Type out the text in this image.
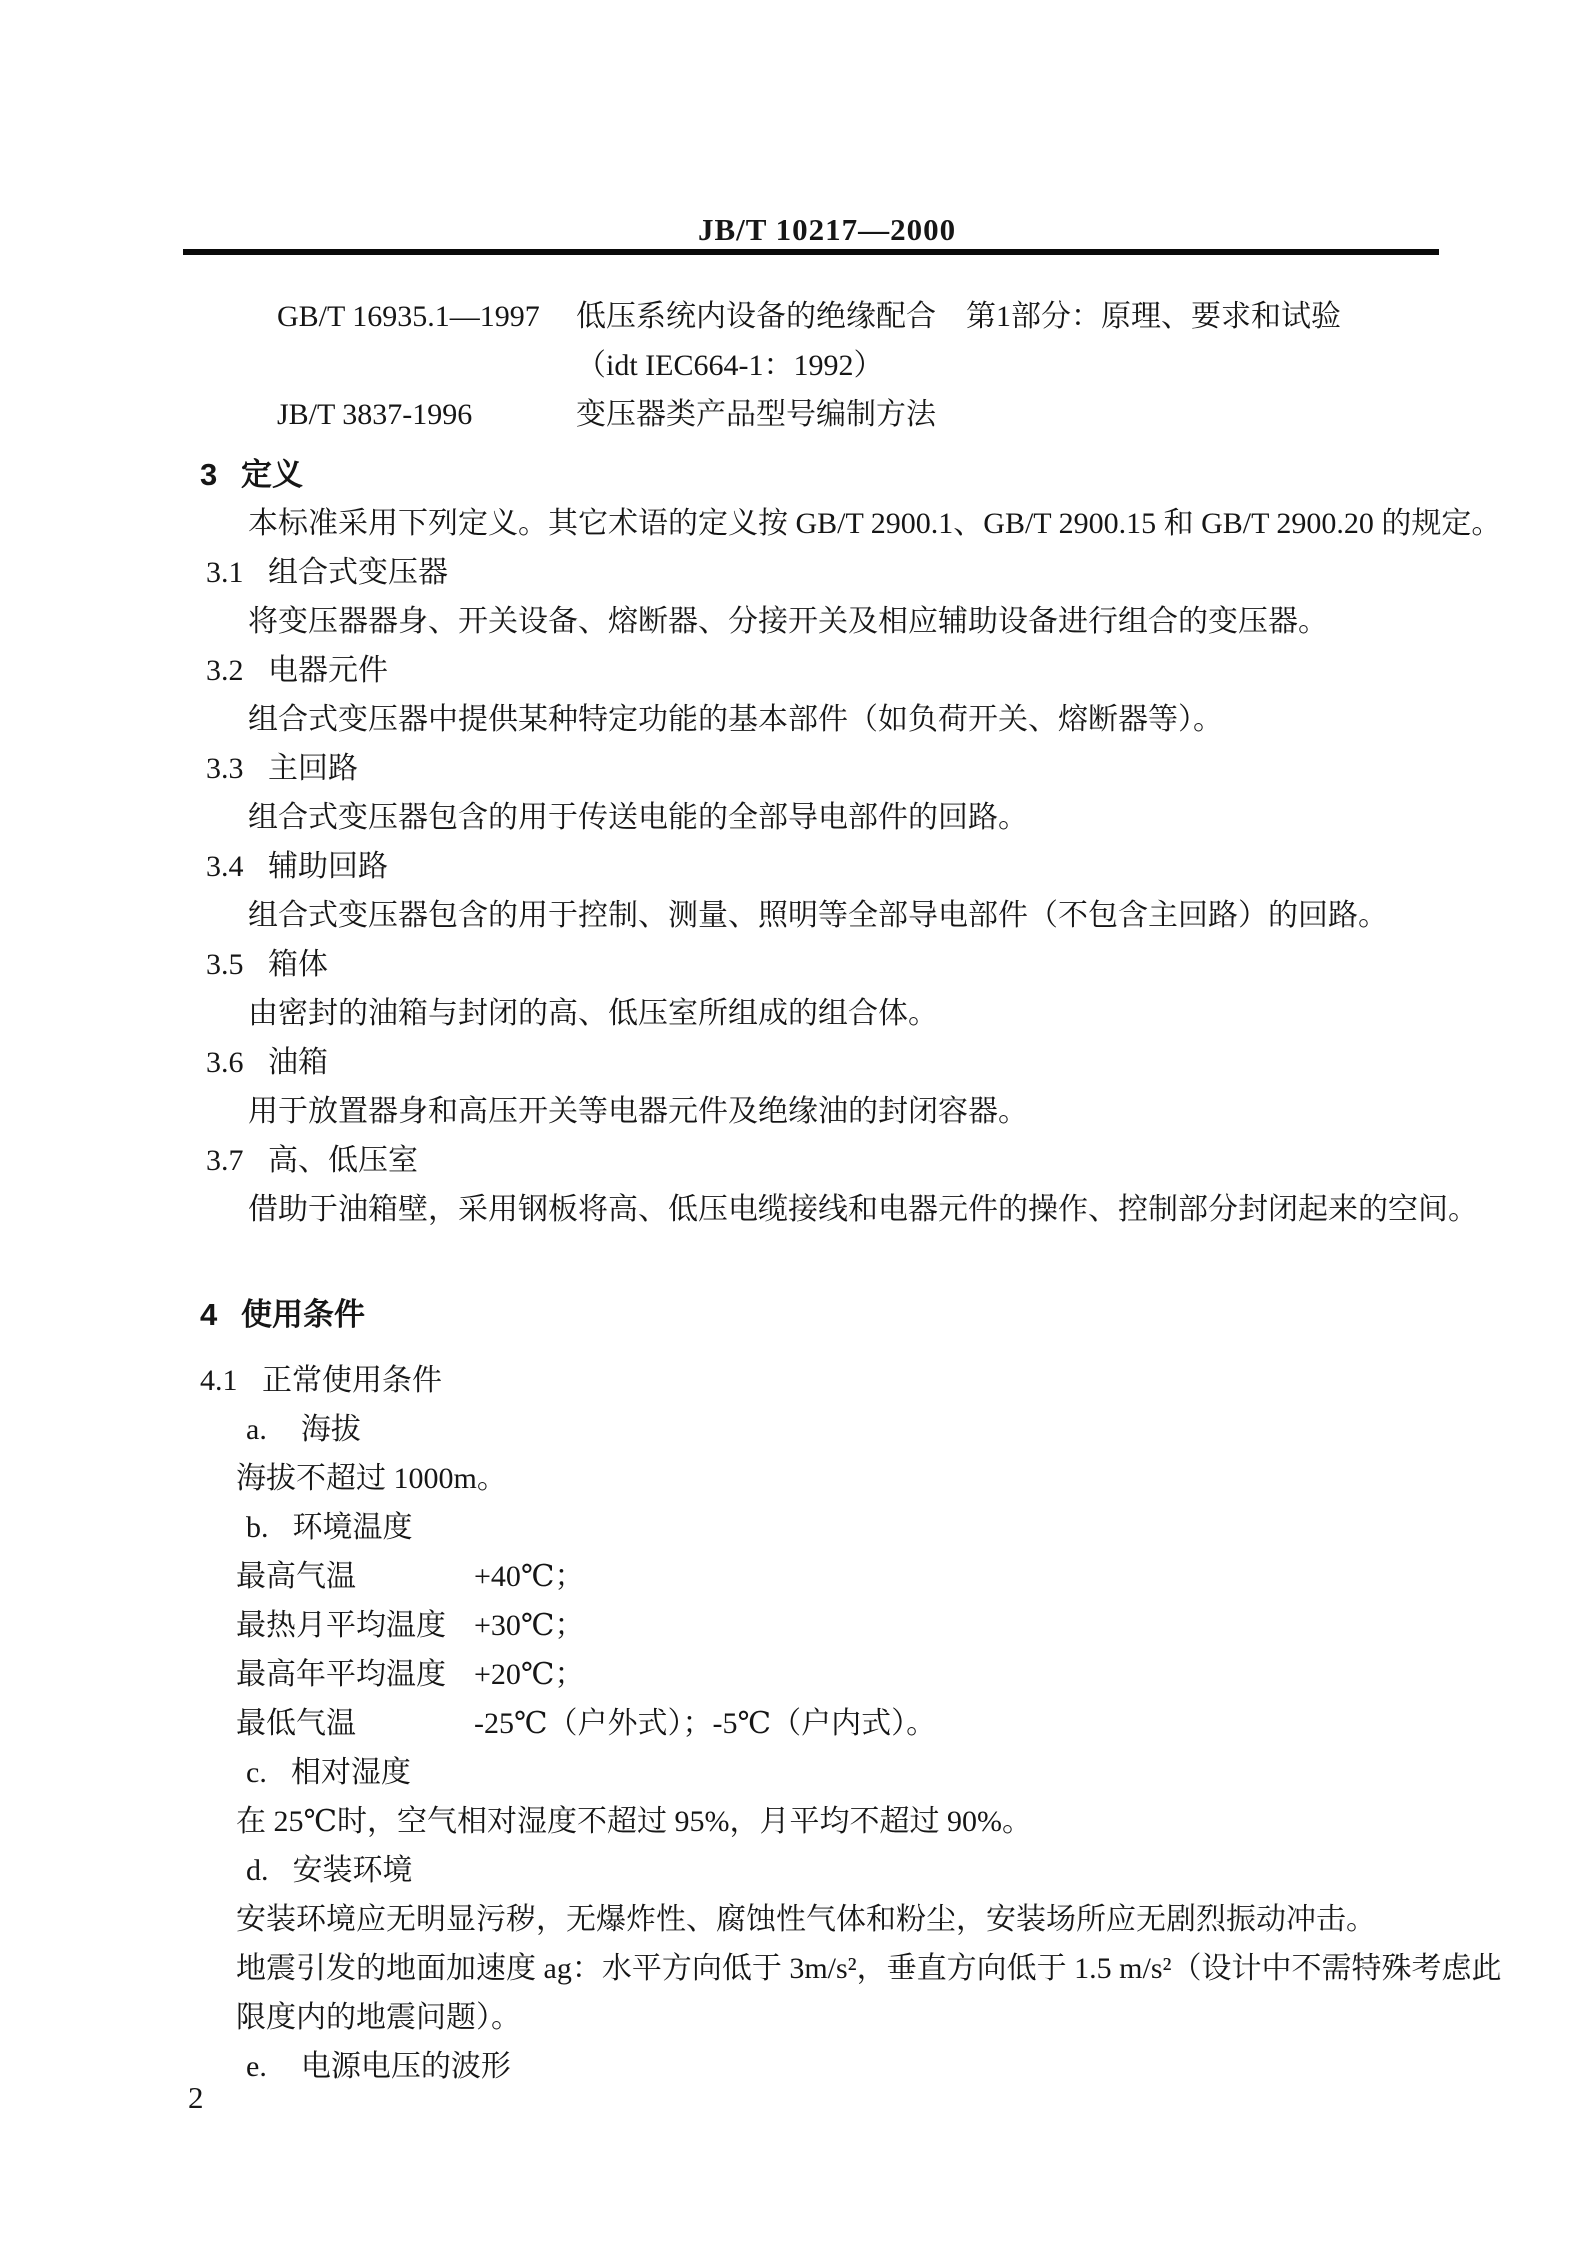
JB/T 10217—2000
GB/T 16935.1—1997	低压系统内设备的绝缘配合　第1部分：原理、要求和试验
（idt IEC664-1：1992）
JB/T 3837-1996	变压器类产品型号编制方法
3 定义
本标准采用下列定义。其它术语的定义按 GB/T 2900.1、GB/T 2900.15 和 GB/T 2900.20 的规定。
3.1 组合式变压器
将变压器器身、开关设备、熔断器、分接开关及相应辅助设备进行组合的变压器。
3.2 电器元件
组合式变压器中提供某种特定功能的基本部件（如负荷开关、熔断器等）。
3.3 主回路
组合式变压器包含的用于传送电能的全部导电部件的回路。
3.4 辅助回路
组合式变压器包含的用于控制、测量、照明等全部导电部件（不包含主回路）的回路。
3.5 箱体
由密封的油箱与封闭的高、低压室所组成的组合体。
3.6 油箱
用于放置器身和高压开关等电器元件及绝缘油的封闭容器。
3.7 高、低压室
借助于油箱壁，采用钢板将高、低压电缆接线和电器元件的操作、控制部分封闭起来的空间。
4 使用条件
4.1 正常使用条件
a. 海拔
海拔不超过 1000m。
b. 环境温度
最高气温	+40℃；
最热月平均温度 +30℃；
最高年平均温度 +20℃；
最低气温	-25℃（户外式）；-5℃（户内式）。
c. 相对湿度
在 25℃时，空气相对湿度不超过 95%，月平均不超过 90%。
d. 安装环境
安装环境应无明显污秽，无爆炸性、腐蚀性气体和粉尘，安装场所应无剧烈振动冲击。
地震引发的地面加速度 ag：水平方向低于 3m/s²，垂直方向低于 1.5 m/s²（设计中不需特殊考虑此
限度内的地震问题）。
e. 电源电压的波形
2
